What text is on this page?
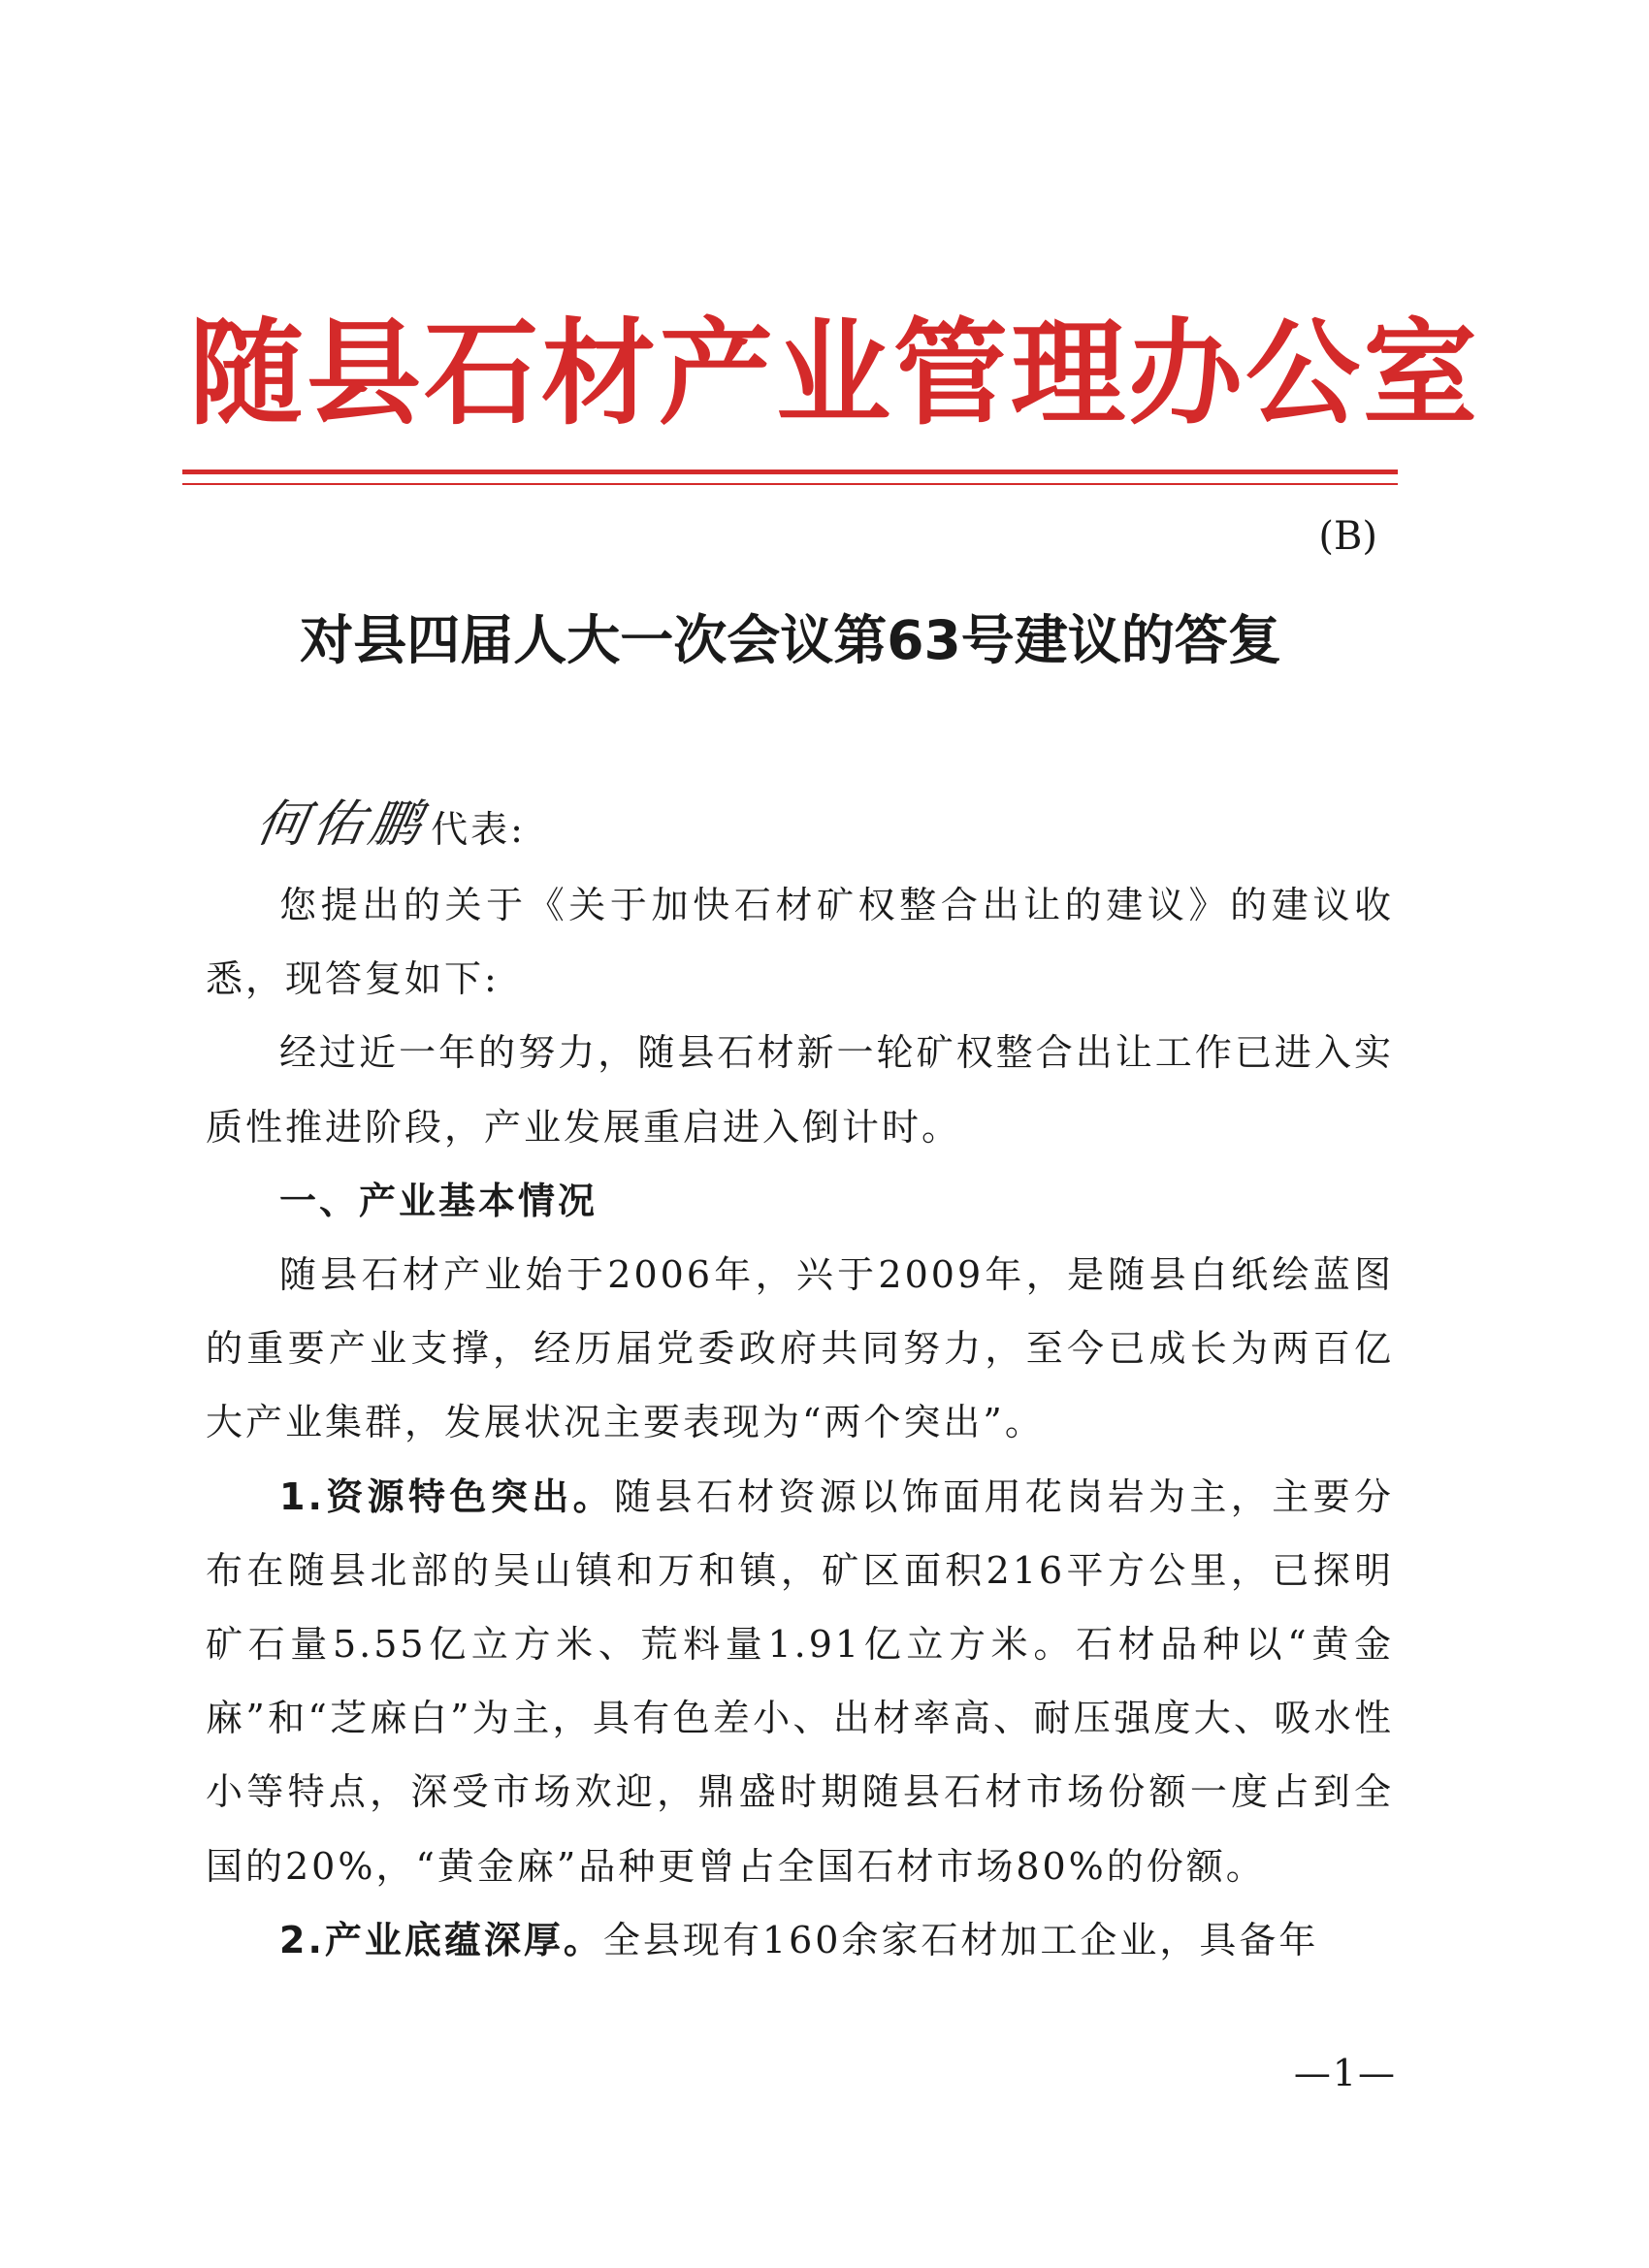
随县石材产业管理办公室
(B)
对县四届人大一次会议第63号建议的答复
何佑鹏 代表:

您提出的关于《关于加快石材矿权整合出让的建议》的建议收悉，现答复如下:

经过近一年的努力，随县石材新一轮矿权整合出让工作已进入实质性推进阶段，产业发展重启进入倒计时。

一、产业基本情况

随县石材产业始于2006年，兴于2009年，是随县白纸绘蓝图的重要产业支撑，经历届党委政府共同努力，至今已成长为两百亿大产业集群，发展状况主要表现为“两个突出”。

1.资源特色突出。随县石材资源以饰面用花岗岩为主，主要分布在随县北部的吴山镇和万和镇，矿区面积216平方公里，已探明矿石量5.55亿立方米、荒料量1.91亿立方米。石材品种以“黄金麻”和“芝麻白”为主，具有色差小、出材率高、耐压强度大、吸水性小等特点，深受市场欢迎，鼎盛时期随县石材市场份额一度占到全国的20%，“黄金麻”品种更曾占全国石材市场80%的份额。

2.产业底蕴深厚。全县现有160余家石材加工企业，具备年

—1—
